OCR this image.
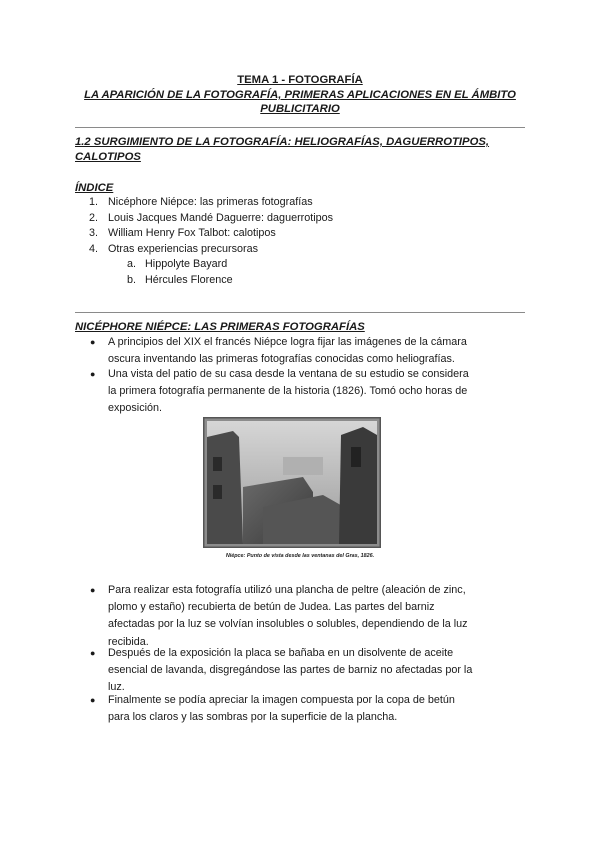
TEMA 1 - FOTOGRAFÍA
LA APARICIÓN DE LA FOTOGRAFÍA, PRIMERAS APLICACIONES EN EL ÁMBITO
PUBLICITARIO
1.2 SURGIMIENTO DE LA FOTOGRAFÍA: HELIOGRAFÍAS, DAGUERROTIPOS,
CALOTIPOS
ÍNDICE
1. Nicéphore Niépce: las primeras fotografías
2. Louis Jacques Mandé Daguerre: daguerrotipos
3. William Henry Fox Talbot: calotipos
4. Otras experiencias precursoras
a. Hippolyte Bayard
b. Hércules Florence
NICÉPHORE NIÉPCE: LAS PRIMERAS FOTOGRAFÍAS
● A principios del XIX el francés Niépce logra fijar las imágenes de la cámara
oscura inventando las primeras fotografías conocidas como heliografías.
● Una vista del patio de su casa desde la ventana de su estudio se considera
la primera fotografía permanente de la historia (1826). Tomó ocho horas de
exposición.
Niépce: Punto de vista desde las ventanas del Gras, 1826.
● Para realizar esta fotografía utilizó una plancha de peltre (aleación de zinc,
plomo y estaño) recubierta de betún de Judea. Las partes del barniz
afectadas por la luz se volvían insolubles o solubles, dependiendo de la luz
recibida.
● Después de la exposición la placa se bañaba en un disolvente de aceite
esencial de lavanda, disgregándose las partes de barniz no afectadas por la
luz.
● Finalmente se podía apreciar la imagen compuesta por la copa de betún
para los claros y las sombras por la superficie de la plancha.
